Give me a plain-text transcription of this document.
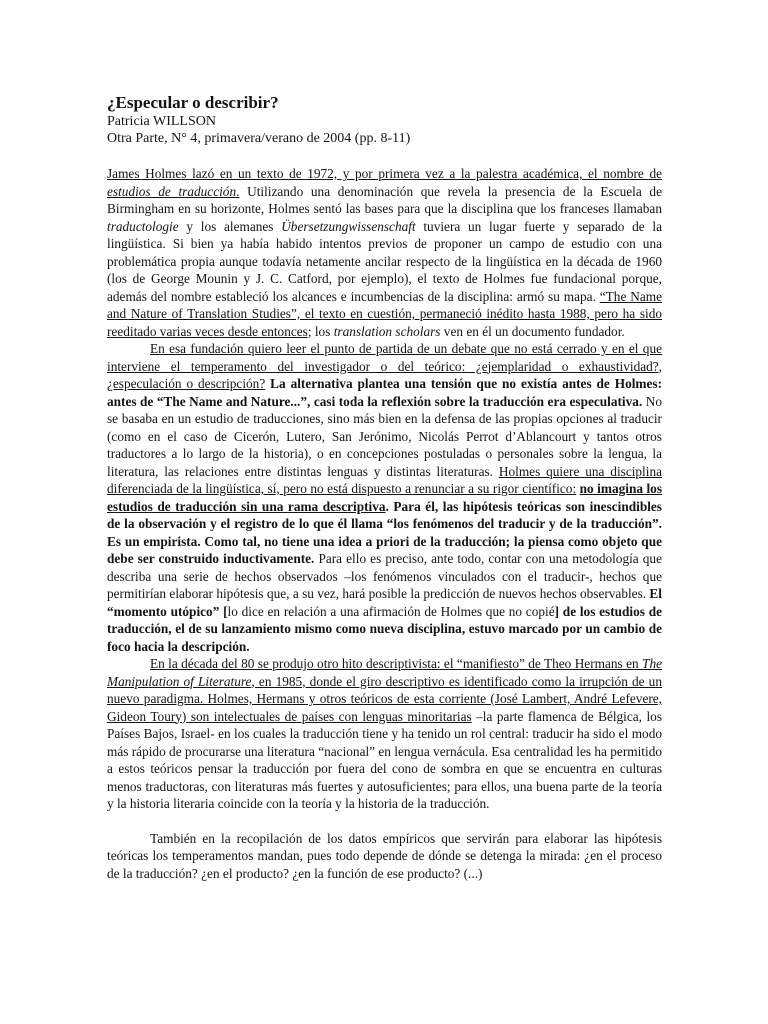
¿Especular o describir?
Patricia WILLSON
Otra Parte, N° 4, primavera/verano de 2004 (pp. 8-11)

James Holmes lazó en un texto de 1972, y por primera vez a la palestra académica, el nombre de estudios de traducción. Utilizando una denominación que revela la presencia de la Escuela de Birmingham en su horizonte, Holmes sentó las bases para que la disciplina que los franceses llamaban traductologie y los alemanes Übersetzungwissenschaft tuviera un lugar fuerte y separado de la lingüística. Si bien ya había habido intentos previos de proponer un campo de estudio con una problemática propia aunque todavía netamente ancilar respecto de la lingüística en la década de 1960 (los de George Mounin y J. C. Catford, por ejemplo), el texto de Holmes fue fundacional porque, además del nombre estableció los alcances e incumbencias de la disciplina: armó su mapa. “The Name and Nature of Translation Studies”, el texto en cuestión, permaneció inédito hasta 1988, pero ha sido reeditado varias veces desde entonces; los translation scholars ven en él un documento fundador.

En esa fundación quiero leer el punto de partida de un debate que no está cerrado y en el que interviene el temperamento del investigador o del teórico: ¿ejemplaridad o exhaustividad?, ¿especulación o descripción? La alternativa plantea una tensión que no existía antes de Holmes: antes de “The Name and Nature...”, casi toda la reflexión sobre la traducción era especulativa. No se basaba en un estudio de traducciones, sino más bien en la defensa de las propias opciones al traducir (como en el caso de Cicerón, Lutero, San Jerónimo, Nicolás Perrot d’Ablancourt y tantos otros traductores a lo largo de la historia), o en concepciones postuladas o personales sobre la lengua, la literatura, las relaciones entre distintas lenguas y distintas literaturas. Holmes quiere una disciplina diferenciada de la lingüística, sí, pero no está dispuesto a renunciar a su rigor científico: no imagina los estudios de traducción sin una rama descriptiva. Para él, las hipótesis teóricas son inescindibles de la observación y el registro de lo que él llama “los fenómenos del traducir y de la traducción”. Es un empirista. Como tal, no tiene una idea a priori de la traducción; la piensa como objeto que debe ser construido inductivamente. Para ello es preciso, ante todo, contar con una metodología que describa una serie de hechos observados –los fenómenos vinculados con el traducir-, hechos que permitirían elaborar hipótesis que, a su vez, hará posible la predicción de nuevos hechos observables. El “momento utópico” [lo dice en relación a una afirmación de Holmes que no copié] de los estudios de traducción, el de su lanzamiento mismo como nueva disciplina, estuvo marcado por un cambio de foco hacia la descripción.

En la década del 80 se produjo otro hito descriptivista: el “manifiesto” de Theo Hermans en The Manipulation of Literature, en 1985, donde el giro descriptivo es identificado como la irrupción de un nuevo paradigma. Holmes, Hermans y otros teóricos de esta corriente (José Lambert, André Lefevere, Gideon Toury) son intelectuales de países con lenguas minoritarias –la parte flamenca de Bélgica, los Países Bajos, Israel- en los cuales la traducción tiene y ha tenido un rol central: traducir ha sido el modo más rápido de procurarse una literatura “nacional” en lengua vernácula. Esa centralidad les ha permitido a estos teóricos pensar la traducción por fuera del cono de sombra en que se encuentra en culturas menos traductoras, con literaturas más fuertes y autosuficientes; para ellos, una buena parte de la teoría y la historia literaria coincide con la teoría y la historia de la traducción.

También en la recopilación de los datos empíricos que servirán para elaborar las hipótesis teóricas los temperamentos mandan, pues todo depende de dónde se detenga la mirada: ¿en el proceso de la traducción? ¿en el producto? ¿en la función de ese producto? (...)
